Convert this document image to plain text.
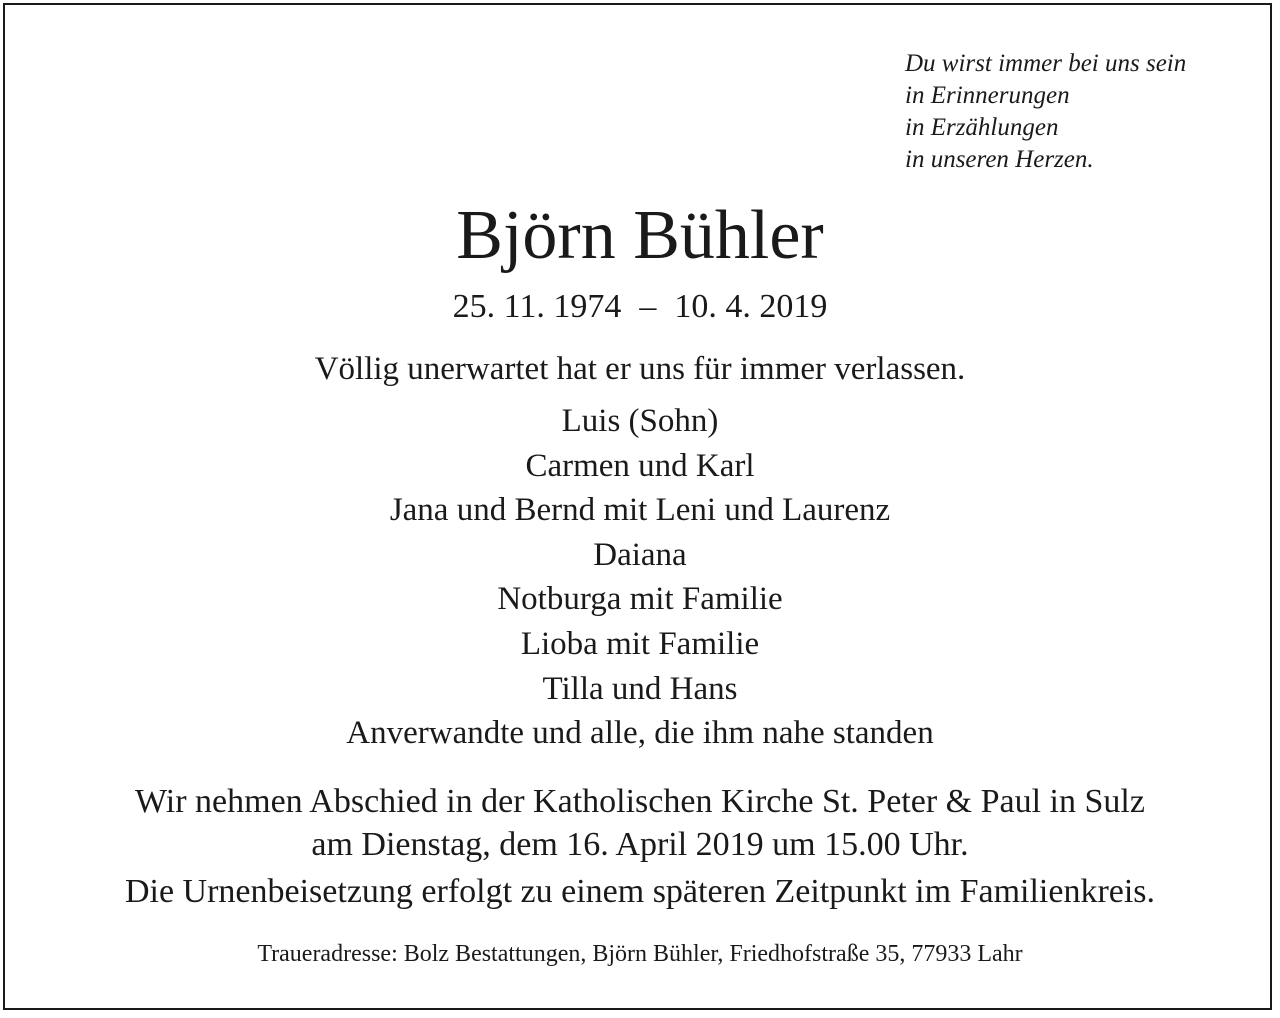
Du wirst immer bei uns sein
in Erinnerungen
in Erzählungen
in unseren Herzen.
Björn Bühler
25. 11. 1974 – 10. 4. 2019
Völlig unerwartet hat er uns für immer verlassen.
Luis (Sohn)
Carmen und Karl
Jana und Bernd mit Leni und Laurenz
Daiana
Notburga mit Familie
Lioba mit Familie
Tilla und Hans
Anverwandte und alle, die ihm nahe standen
Wir nehmen Abschied in der Katholischen Kirche St. Peter & Paul in Sulz
am Dienstag, dem 16. April 2019 um 15.00 Uhr.
Die Urnenbeisetzung erfolgt zu einem späteren Zeitpunkt im Familienkreis.
Traueradresse: Bolz Bestattungen, Björn Bühler, Friedhofstraße 35, 77933 Lahr
